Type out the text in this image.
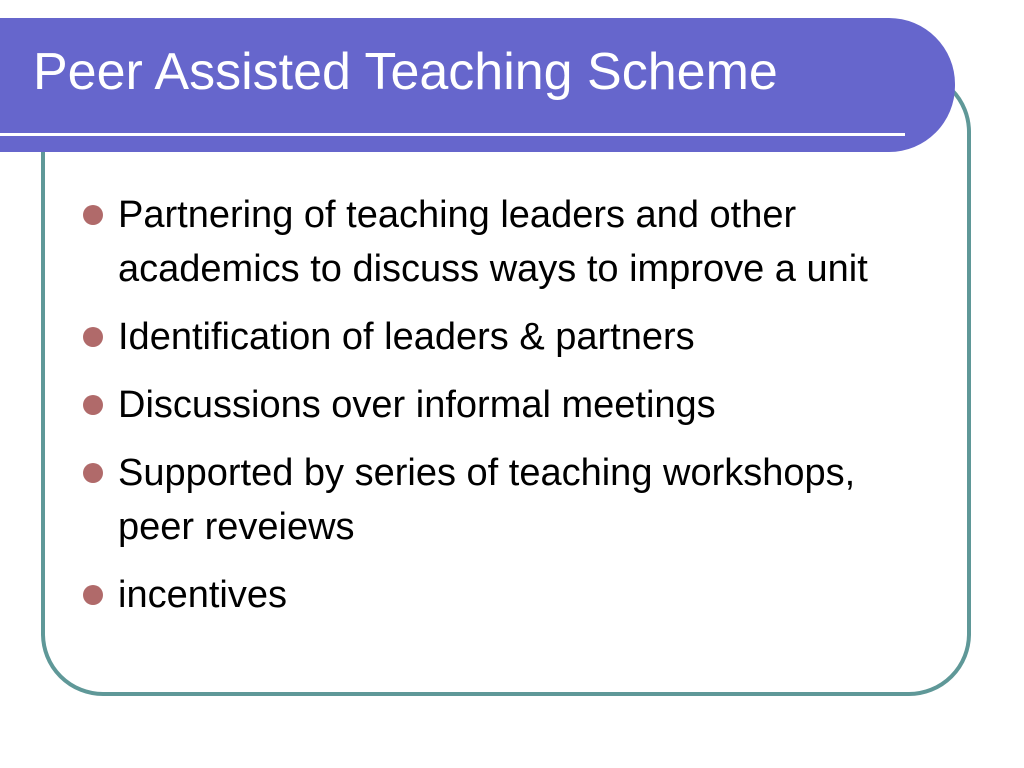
Peer Assisted Teaching Scheme
Partnering of teaching leaders and other academics to discuss ways to improve a unit
Identification of leaders & partners
Discussions over informal meetings
Supported by series of teaching workshops, peer reveiews
incentives
